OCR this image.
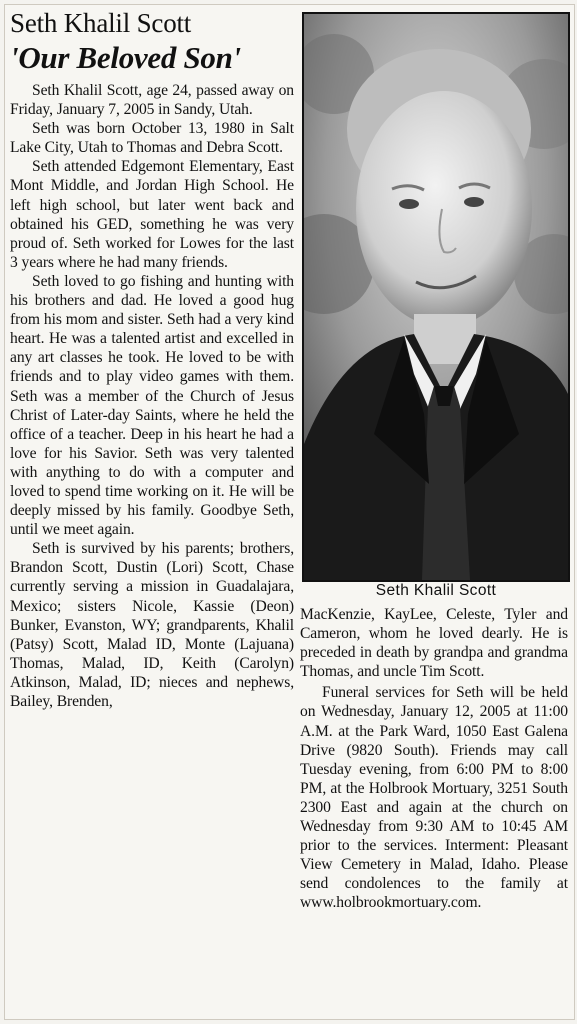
Seth Khalil Scott
'Our Beloved Son'

Seth Khalil Scott, age 24, passed away on Friday, January 7, 2005 in Sandy, Utah.

Seth was born October 13, 1980 in Salt Lake City, Utah to Thomas and Debra Scott.

Seth attended Edgemont Elementary, East Mont Middle, and Jordan High School. He left high school, but later went back and obtained his GED, something he was very proud of. Seth worked for Lowes for the last 3 years where he had many friends.

Seth loved to go fishing and hunting with his brothers and dad. He loved a good hug from his mom and sister. Seth had a very kind heart. He was a talented artist and excelled in any art classes he took. He loved to be with friends and to play video games with them. Seth was a member of the Church of Jesus Christ of Later-day Saints, where he held the office of a teacher. Deep in his heart he had a love for his Savior. Seth was very talented with anything to do with a computer and loved to spend time working on it. He will be deeply missed by his family. Goodbye Seth, until we meet again.

Seth is survived by his parents; brothers, Brandon Scott, Dustin (Lori) Scott, Chase currently serving a mission in Guadalajara, Mexico; sisters Nicole, Kassie (Deon) Bunker, Evanston, WY; grandparents, Khalil (Patsy) Scott, Malad ID, Monte (Lajuana) Thomas, Malad, ID, Keith (Carolyn) Atkinson, Malad, ID; nieces and nephews, Bailey, Brenden,

Seth Khalil Scott

MacKenzie, KayLee, Celeste, Tyler and Cameron, whom he loved dearly. He is preceded in death by grandpa and grandma Thomas, and uncle Tim Scott.

Funeral services for Seth will be held on Wednesday, January 12, 2005 at 11:00 A.M. at the Park Ward, 1050 East Galena Drive (9820 South). Friends may call Tuesday evening, from 6:00 PM to 8:00 PM, at the Holbrook Mortuary, 3251 South 2300 East and again at the church on Wednesday from 9:30 AM to 10:45 AM prior to the services. Interment: Pleasant View Cemetery in Malad, Idaho. Please send condolences to the family at www.holbrookmortuary.com.
